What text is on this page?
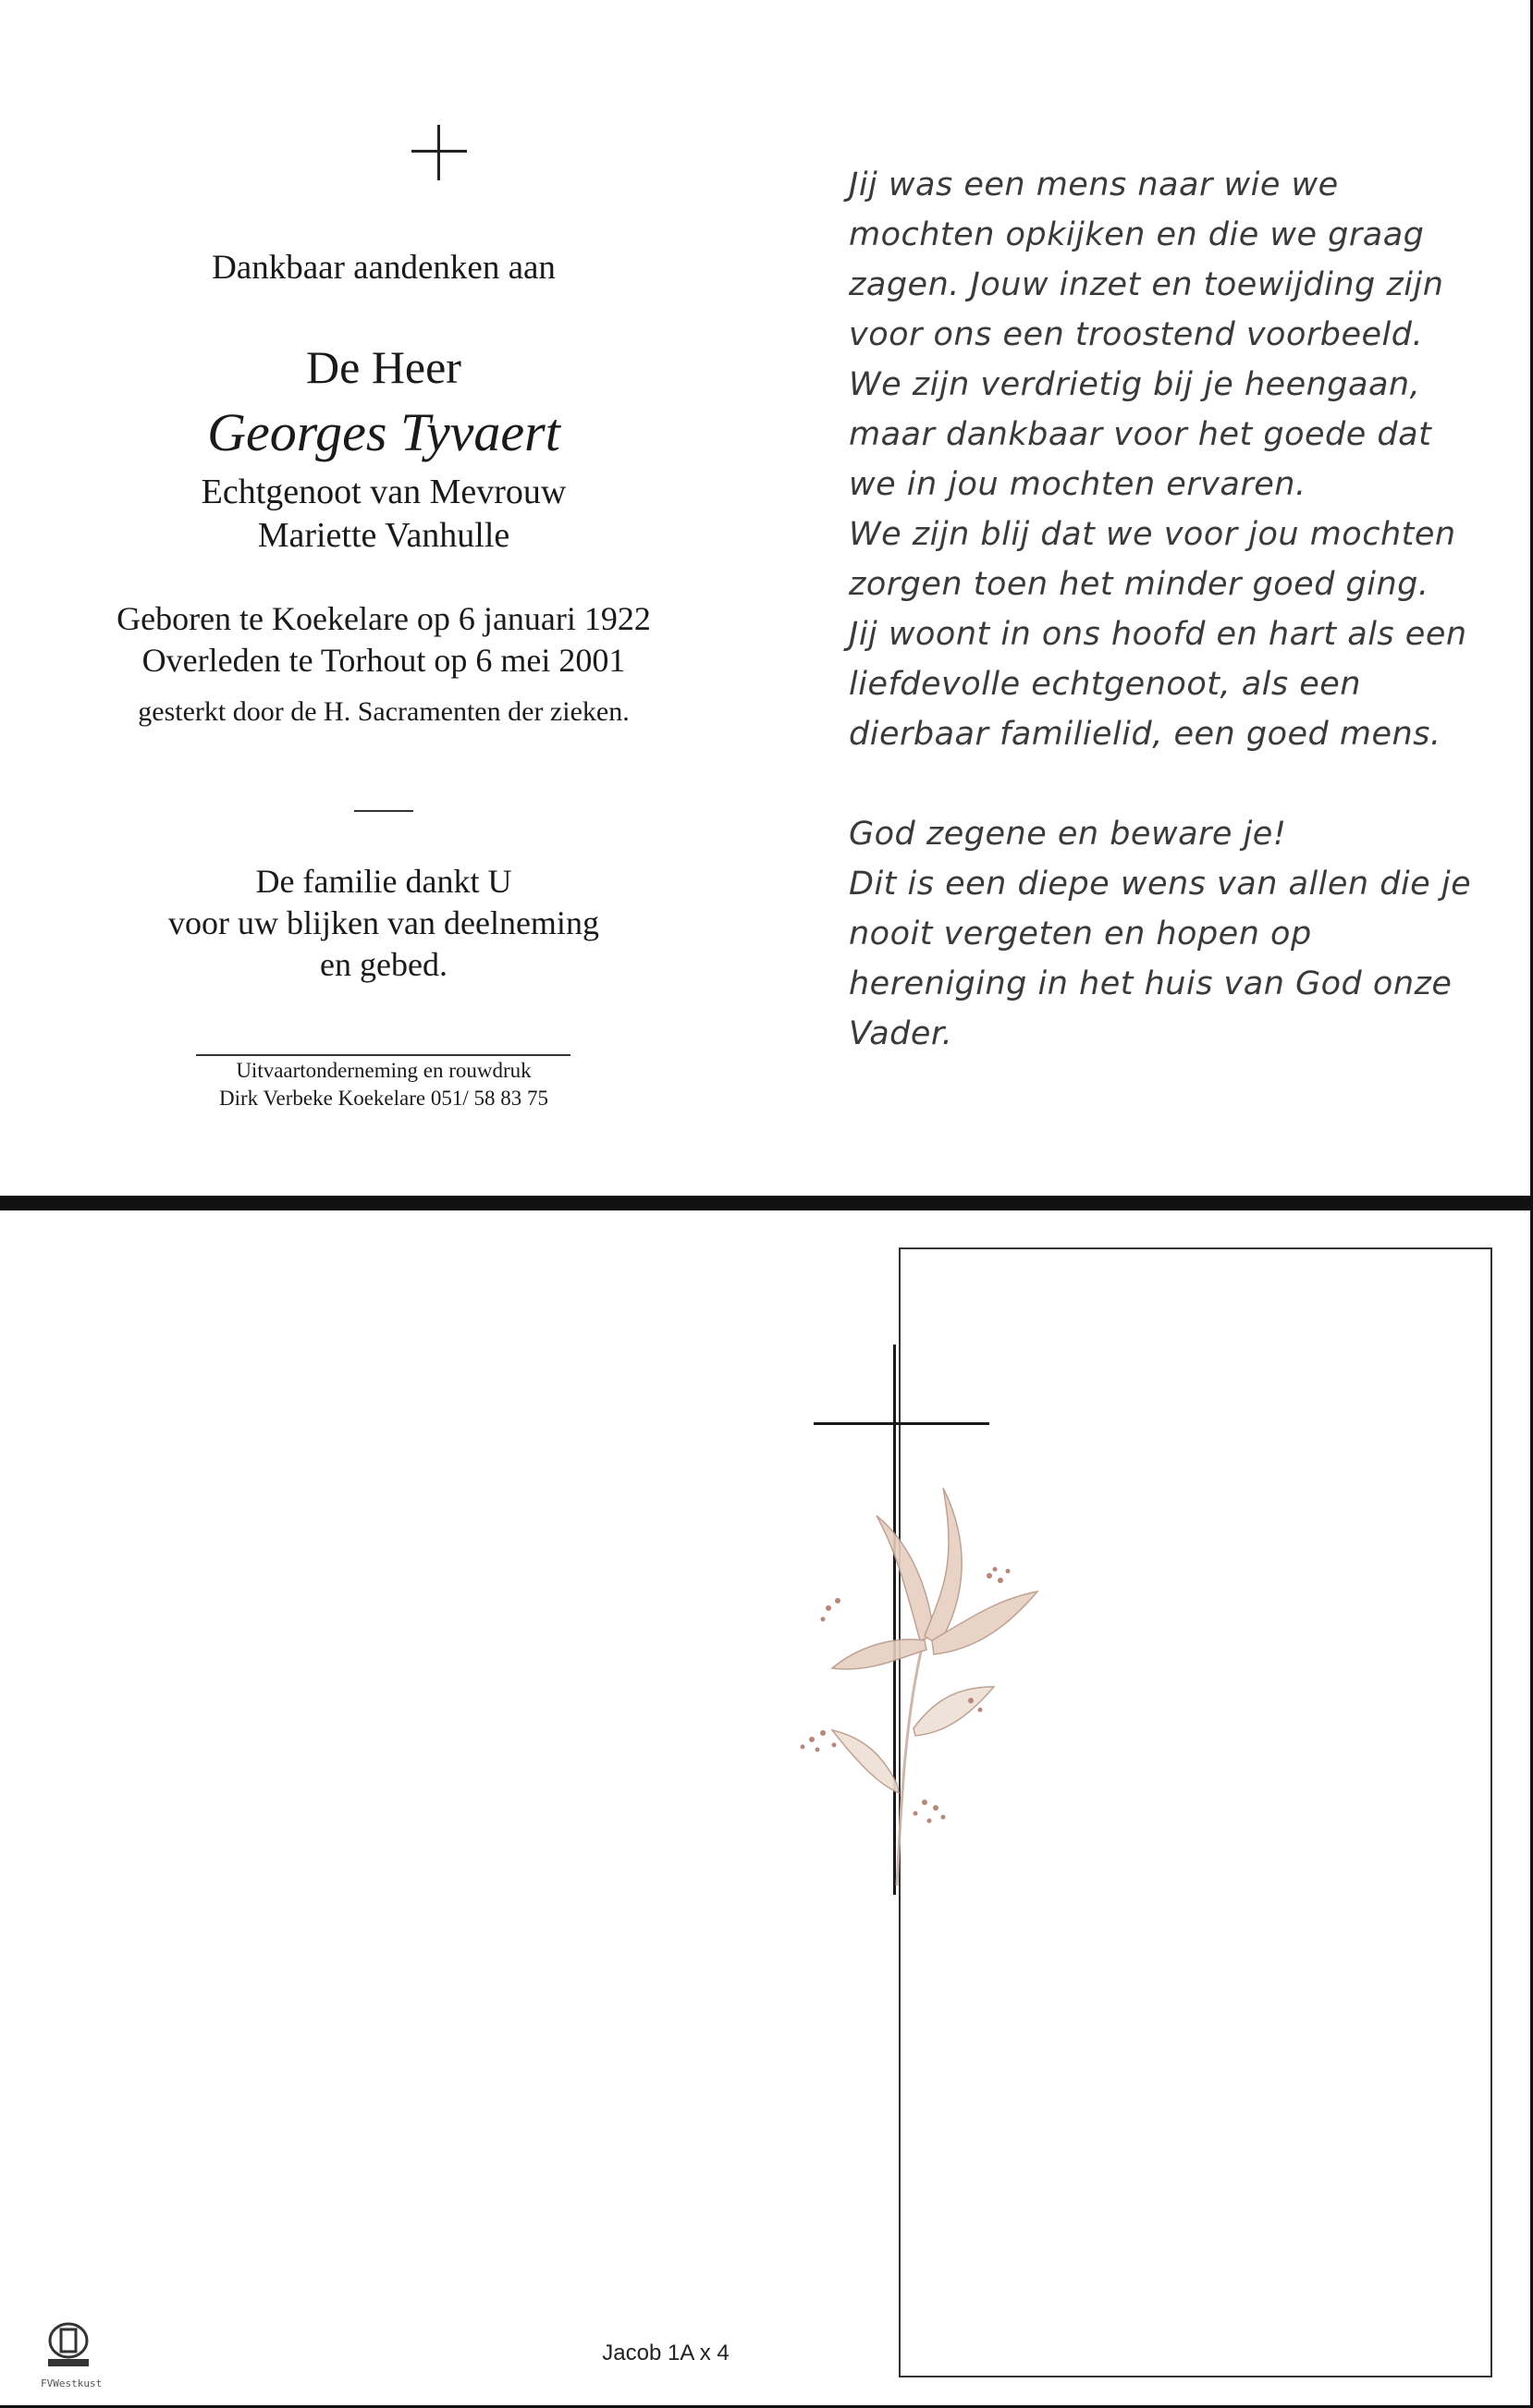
Dankbaar aandenken aan
De Heer
Georges Tyvaert
Echtgenoot van Mevrouw
Mariette Vanhulle
Geboren te Koekelare op 6 januari 1922
Overleden te Torhout op 6 mei 2001
gesterkt door de H. Sacramenten der zieken.
De familie dankt U
voor uw blijken van deelneming
en gebed.
Uitvaartonderneming en rouwdruk
Dirk Verbeke Koekelare 051/ 58 83 75
Jij was een mens naar wie we
mochten opkijken en die we graag
zagen. Jouw inzet en toewijding zijn
voor ons een troostend voorbeeld.
We zijn verdrietig bij je heengaan,
maar dankbaar voor het goede dat
we in jou mochten ervaren.
We zijn blij dat we voor jou mochten
zorgen toen het minder goed ging.
Jij woont in ons hoofd en hart als een
liefdevolle echtgenoot, als een
dierbaar familielid, een goed mens.
God zegene en beware je!
Dit is een diepe wens van allen die je
nooit vergeten en hopen op
hereniging in het huis van God onze
Vader.
Jacob 1A x 4
FVWestkust
